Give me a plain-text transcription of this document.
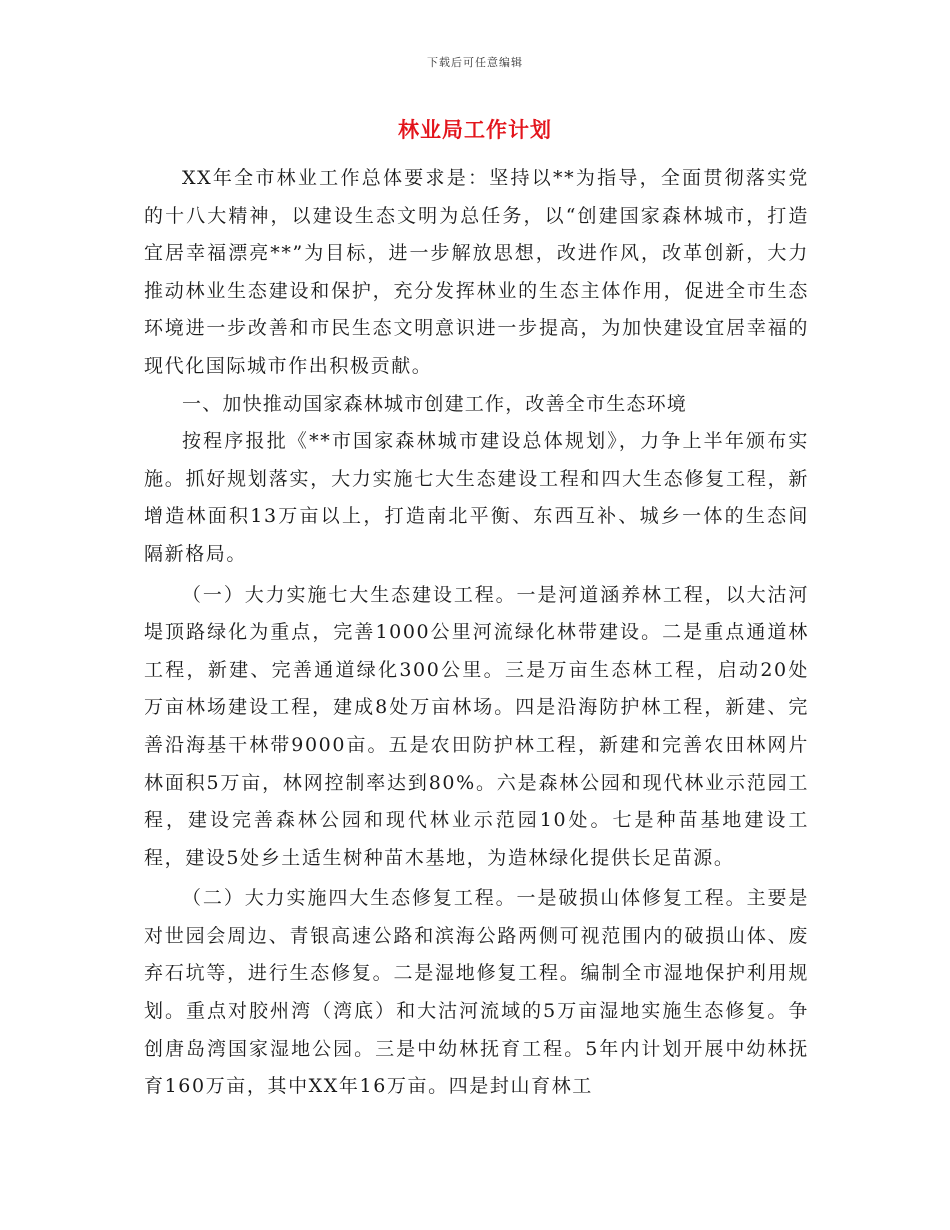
下载后可任意编辑
林业局工作计划

XX年全市林业工作总体要求是：坚持以**为指导，全面贯彻落实党的十八大精神，以建设生态文明为总任务，以“创建国家森林城市，打造宜居幸福漂亮**”为目标，进一步解放思想，改进作风，改革创新，大力推动林业生态建设和保护，充分发挥林业的生态主体作用，促进全市生态环境进一步改善和市民生态文明意识进一步提高，为加快建设宜居幸福的现代化国际城市作出积极贡献。

一、加快推动国家森林城市创建工作，改善全市生态环境

按程序报批《**市国家森林城市建设总体规划》，力争上半年颁布实施。抓好规划落实，大力实施七大生态建设工程和四大生态修复工程，新增造林面积13万亩以上，打造南北平衡、东西互补、城乡一体的生态间隔新格局。

（一）大力实施七大生态建设工程。一是河道涵养林工程，以大沽河堤顶路绿化为重点，完善1000公里河流绿化林带建设。二是重点通道林工程，新建、完善通道绿化300公里。三是万亩生态林工程，启动20处万亩林场建设工程，建成8处万亩林场。四是沿海防护林工程，新建、完善沿海基干林带9000亩。五是农田防护林工程，新建和完善农田林网片林面积5万亩，林网控制率达到80%。六是森林公园和现代林业示范园工程，建设完善森林公园和现代林业示范园10处。七是种苗基地建设工程，建设5处乡土适生树种苗木基地，为造林绿化提供长足苗源。

（二）大力实施四大生态修复工程。一是破损山体修复工程。主要是对世园会周边、青银高速公路和滨海公路两侧可视范围内的破损山体、废弃石坑等，进行生态修复。二是湿地修复工程。编制全市湿地保护利用规划。重点对胶州湾（湾底）和大沽河流域的5万亩湿地实施生态修复。争创唐岛湾国家湿地公园。三是中幼林抚育工程。5年内计划开展中幼林抚育160万亩，其中XX年16万亩。四是封山育林工
